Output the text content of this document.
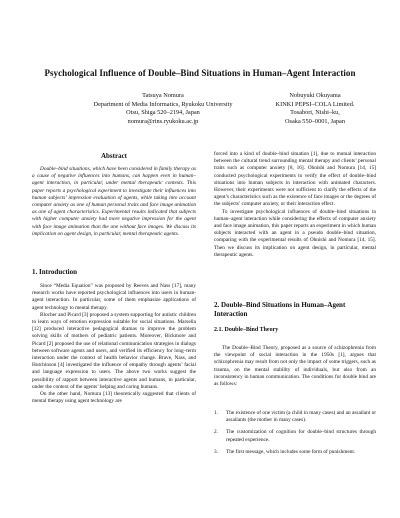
Psychological Influence of Double–Bind Situations in Human–Agent Interaction
Tatsuya Nomura
Department of Media Informatics, Ryukoku University
Otsu, Shiga 520–2194, Japan
nomura@rins.ryukoku.ac.jp
Nobuyuki Okuyama
KINKI PEPSI–COLA Limited.
Tosabori, Nishi–ku,
Osaka 550–0001, Japan
Abstract

Double–bind situations, which have been considered in family therapy as a cause of negative influences into humans, can happen even in human–agent interaction, in particular, under mental therapeutic contexts. This paper reports a psychological experiment to investigate their influences into human subjects’ impression evaluation of agents, while taking into account computer anxiety as one of human personal traits and face image animation as one of agent characteristics. Experimental results indicated that subjects with higher computer anxiety had more negative impression for the agent with face image animation than the one without face images. We discuss its implication on agent design, in particular, mental therapeutic agents.

1. Introduction

Since “Media Equation” was proposed by Reeves and Nass [17], many research works have reported psychological influences into users in human-agent interaction. In particular, some of them emphasize applications of agent technology to mental therapy.

Blocher and Picard [3] proposed a system supporting for autistic children to learn ways of emotion expression suitable for social situations. Marsella [12] produced interactive pedagogical dramas to improve the problem solving skills of mothers of pediatric patients. Moreover, Bickmore and Picard [2] proposed the use of relational communication strategies in dialogs between software agents and users, and verified its efficiency for long–term interaction under the context of health behavior change. Brave, Nass, and Hutchinson [4] investigated the influence of empathy through agents’ facial and language expression to users. The above two works suggest the possibility of rapport between interactive agents and humans, in particular, under the context of the agents’ helping and caring humans.

On the other hand, Nomura [13] theoretically suggested that clients of mental therapy using agent technology are

forced into a kind of double–bind situation [1], due to mutual interaction between the cultural trend surrounding mental therapy and clients’ personal traits such as computer anxiety [8, 16]. Ohnishi and Nomura [14, 15] conducted psychological experiments to verify the effect of double–bind situations into human subjects in interaction with animated characters. However, their experiments were not sufficient to clarify the effects of the agent’s characteristics such as the existence of face images or the degrees of the subjects’ computer anxiety, or their interaction effect.

To investigate psychological influences of double–bind situations in human–agent interaction while considering the effects of computer anxiety and face image animation, this paper reports an experiment in which human subjects interacted with an agent in a pseudo double–bind situation, comparing with the experimental results of Ohnishi and Nomura [14, 15]. Then we discuss its implication on agent design, in particular, mental therapeutic agents.

2. Double–Bind Situations in Human–Agent Interaction
2.1. Double–Bind Theory

The Double–Bind Theory, proposed as a source of schizophrenia from the viewpoint of social interaction in the 1950s [1], argues that schizophrenia may result from not only the impact of some triggers, such as trauma, on the mental stability of individuals, but also from an inconsistency in human communication. The conditions for double bind are as follows:

1. The existence of one victim (a child in many cases) and an assailant or assailants (the mother in many cases).
2. The customization of cognition for double–bind structures through repeated experience.
3. The first message, which includes some form of punishment.
